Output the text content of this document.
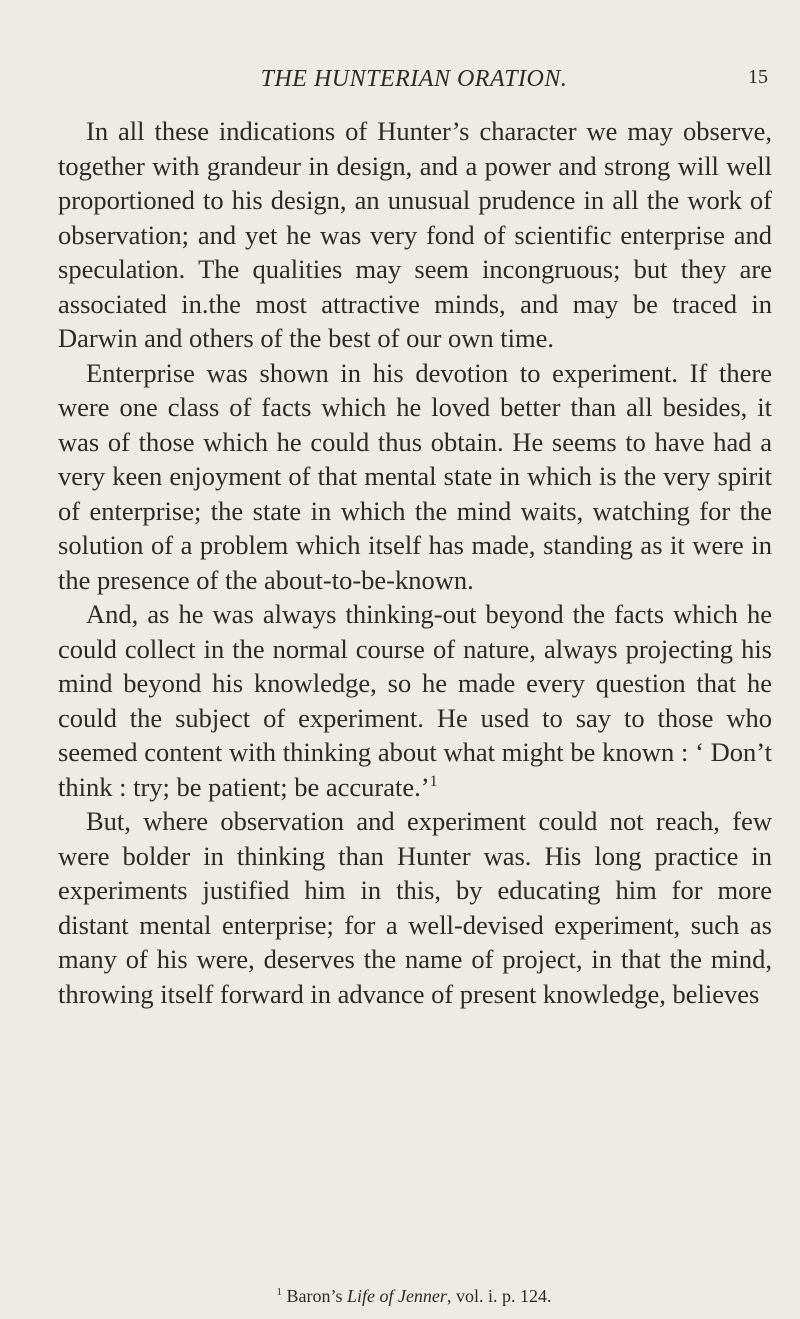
THE HUNTERIAN ORATION.	15

In all these indications of Hunter’s character we may observe, together with grandeur in design, and a power and strong will well proportioned to his design, an unusual prudence in all the work of observation; and yet he was very fond of scientific enterprise and speculation. The qualities may seem incongruous; but they are associated in.the most attractive minds, and may be traced in Darwin and others of the best of our own time.

Enterprise was shown in his devotion to experiment. If there were one class of facts which he loved better than all besides, it was of those which he could thus obtain. He seems to have had a very keen enjoyment of that mental state in which is the very spirit of enterprise; the state in which the mind waits, watching for the solution of a problem which itself has made, standing as it were in the presence of the about-to-be-known.

And, as he was always thinking-out beyond the facts which he could collect in the normal course of nature, always projecting his mind beyond his knowledge, so he made every question that he could the subject of experiment. He used to say to those who seemed content with thinking about what might be known : ‘ Don’t think : try; be patient; be accurate.’$^1$

But, where observation and experiment could not reach, few were bolder in thinking than Hunter was. His long practice in experiments justified him in this, by educating him for more distant mental enterprise; for a well-devised experiment, such as many of his were, deserves the name of project, in that the mind, throwing itself forward in advance of present knowledge, believes

$^1$ Baron’s Life of Jenner, vol. i. p. 124.
